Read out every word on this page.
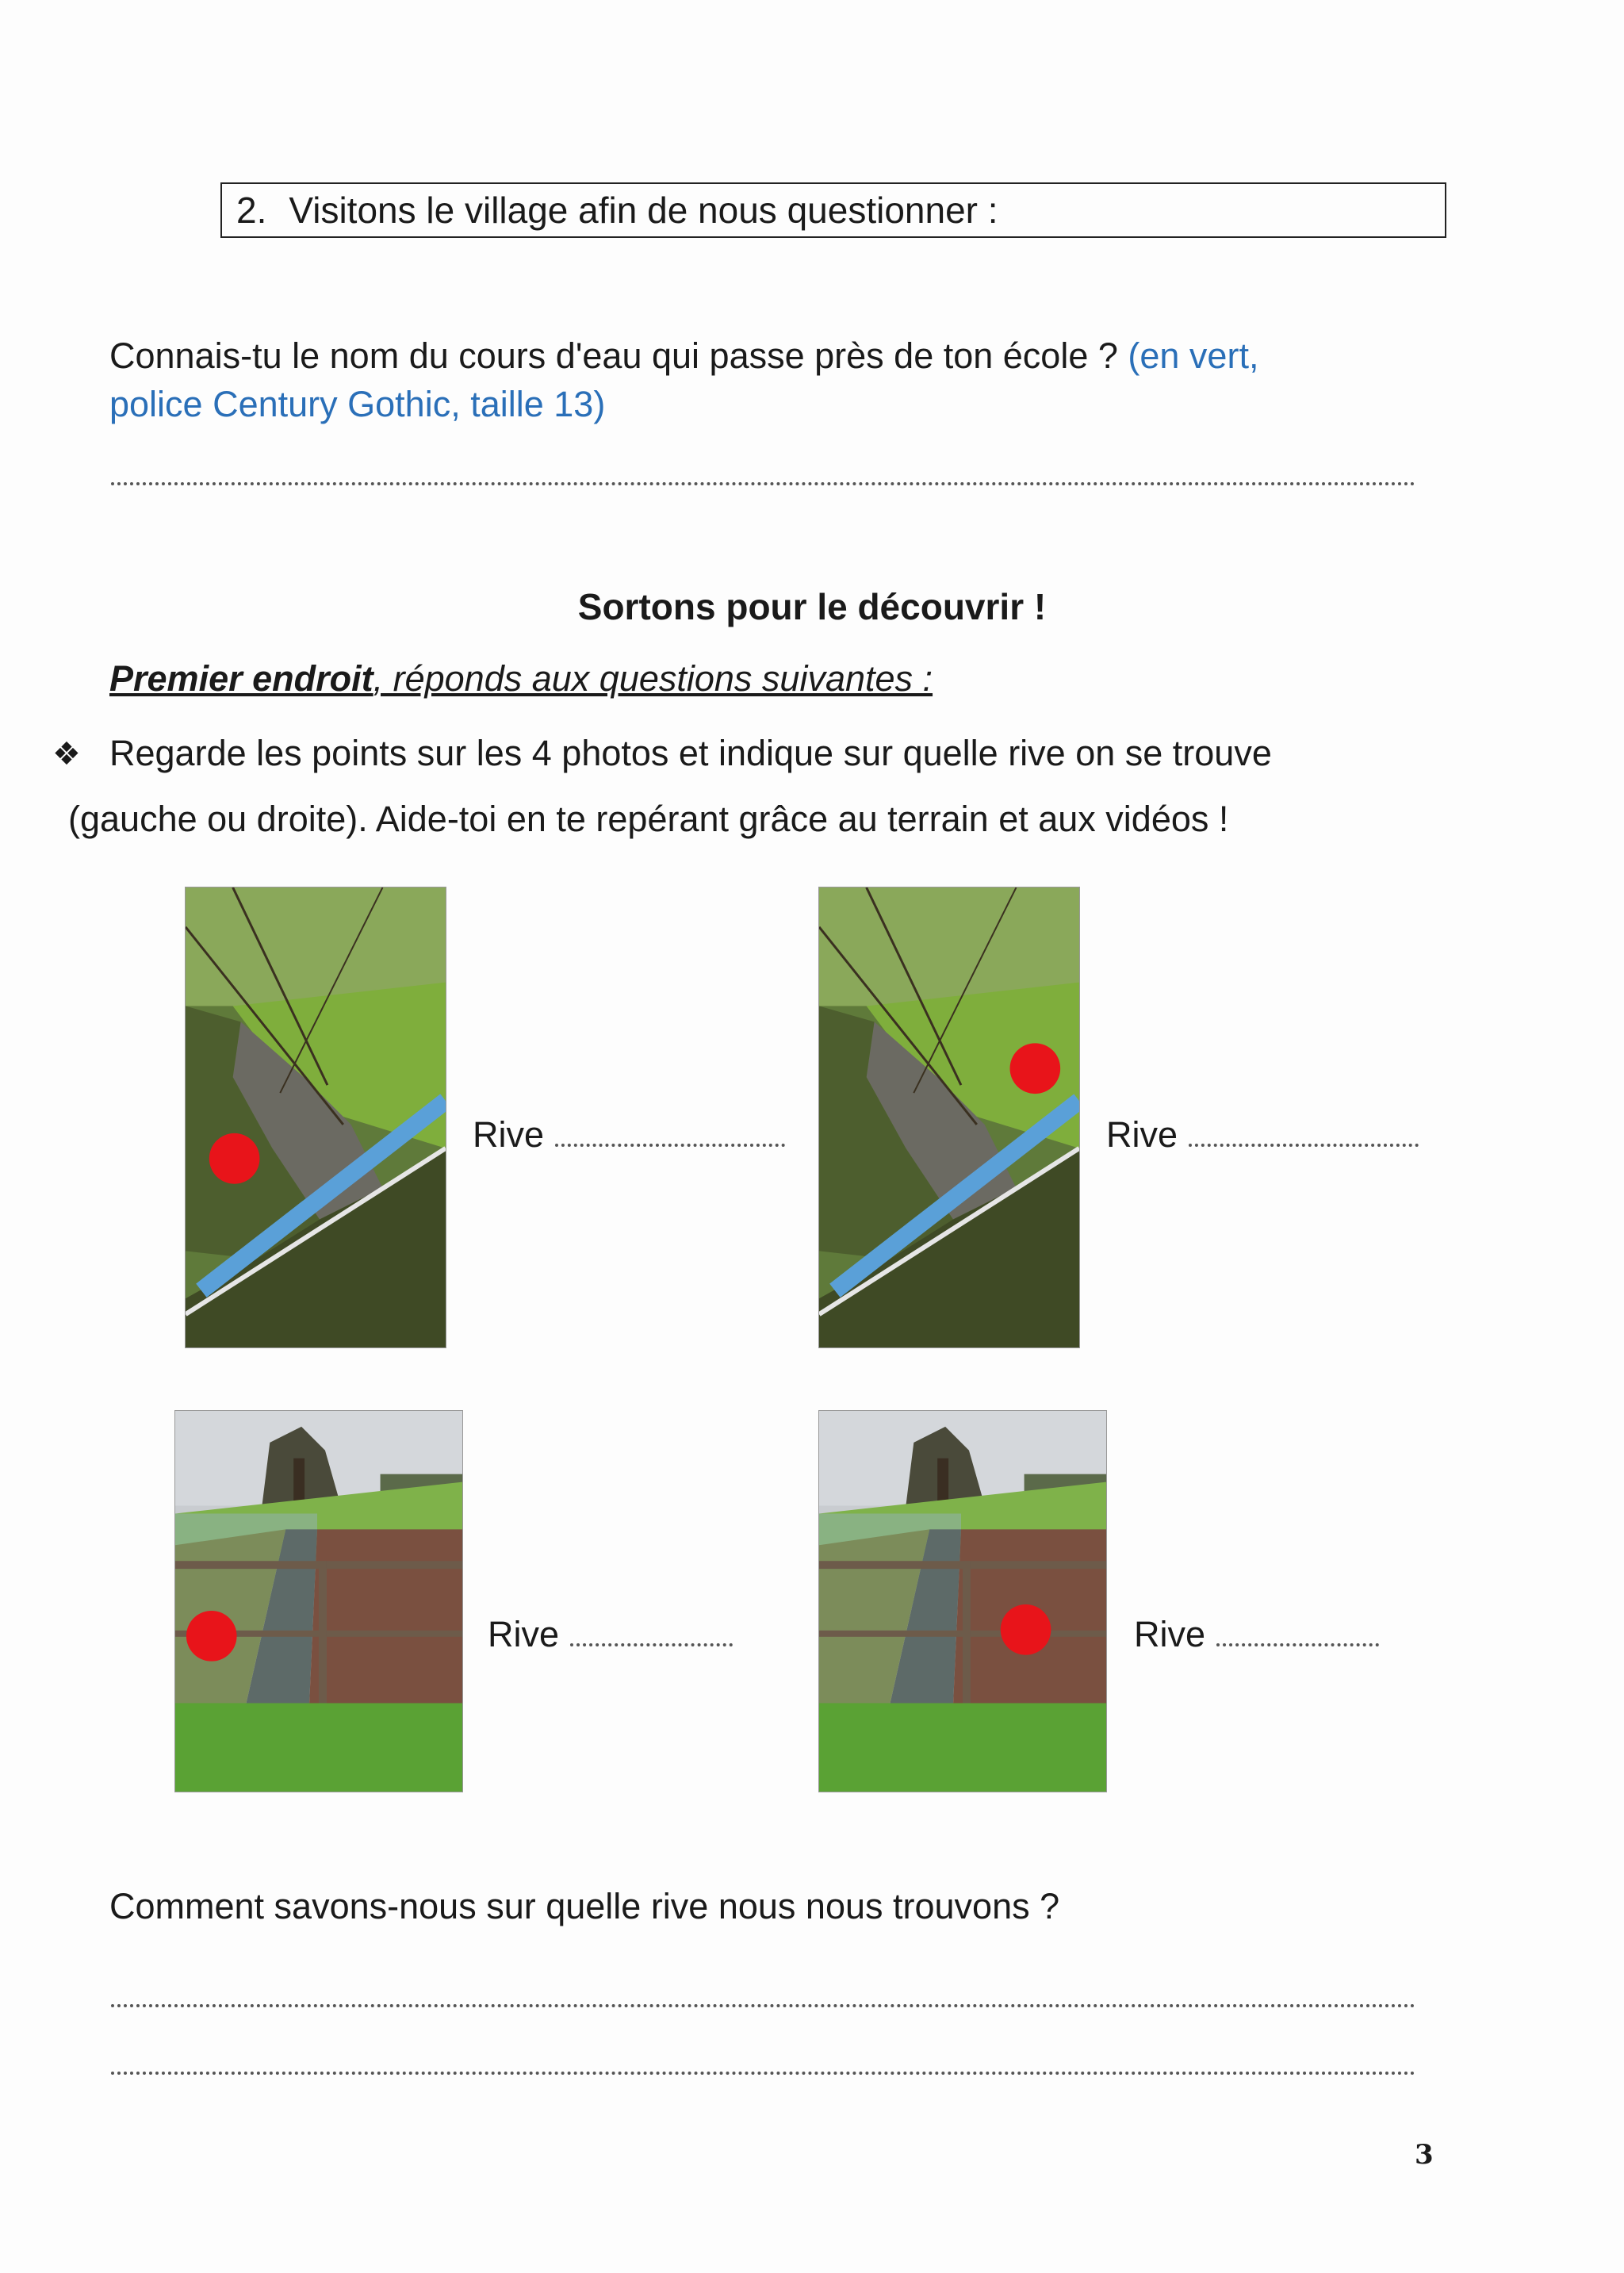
2. Visitons le village afin de nous questionner :
Connais-tu le nom du cours d'eau qui passe près de ton école ? (en vert,
police Century Gothic, taille 13)
Sortons pour le découvrir !
Premier endroit, réponds aux questions suivantes :
❖ Regarde les points sur les 4 photos et indique sur quelle rive on se trouve
(gauche ou droite). Aide-toi en te repérant grâce au terrain et aux vidéos !
Rive	Rive
Rive	Rive
Comment savons-nous sur quelle rive nous nous trouvons ?
3
